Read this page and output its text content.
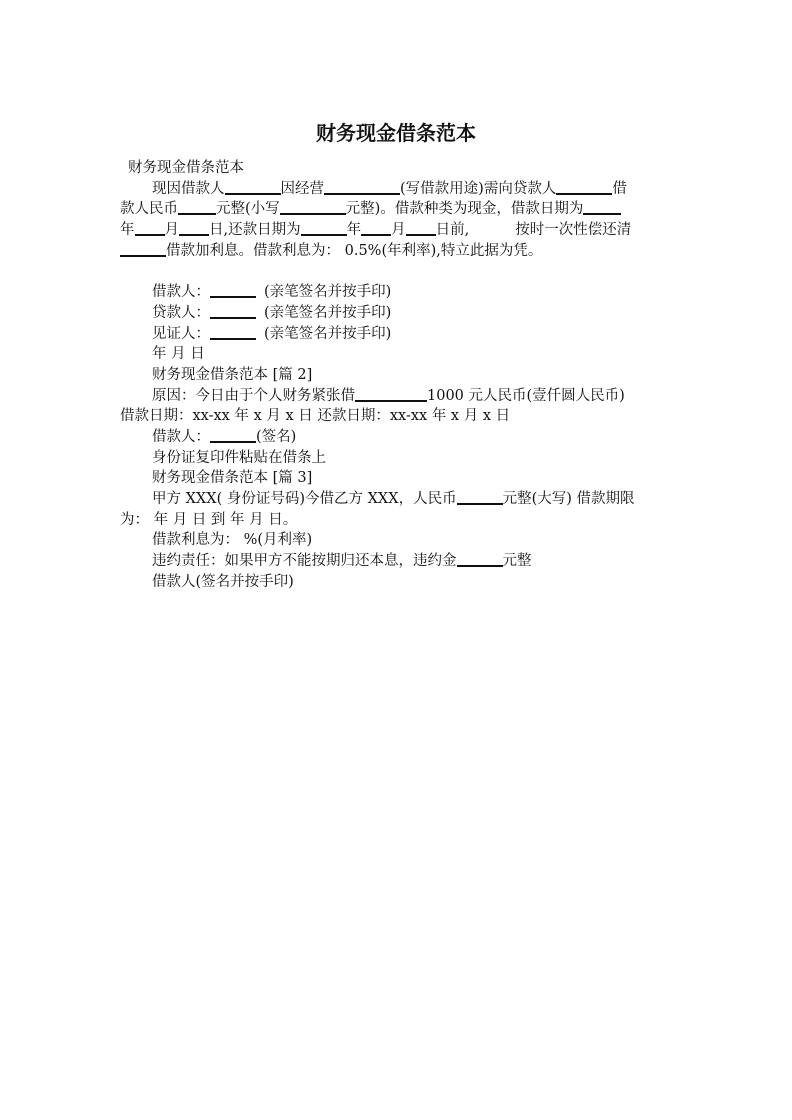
财务现金借条范本
财务现金借条范本
现因借款人	因经营	(写借款用途)需向贷款人	借
款人民币	元整(小写	元整)。借款种类为现金，借款日期为
年 月 日,还款日期为	年 月 日前,	按时一次性偿还清
借款加利息。借款利息为： 0.5%(年利率),特立此据为凭。
借款人：	(亲笔签名并按手印)
贷款人：	(亲笔签名并按手印)
见证人：	(亲笔签名并按手印)
年 月 日
财务现金借条范本 [篇 2]
原因：今日由于个人财务紧张借	1000 元人民币(壹仟圆人民币)
借款日期：xx-xx 年 x 月 x 日 还款日期：xx-xx 年 x 月 x 日
借款人：	(签名)
身份证复印件粘贴在借条上
财务现金借条范本 [篇 3]
甲方 XXX( 身份证号码)今借乙方 XXX，人民币	元整(大写) 借款期限
为： 年 月 日 到 年 月 日。
借款利息为： %(月利率)
违约责任：如果甲方不能按期归还本息，违约金	元整
借款人(签名并按手印)
